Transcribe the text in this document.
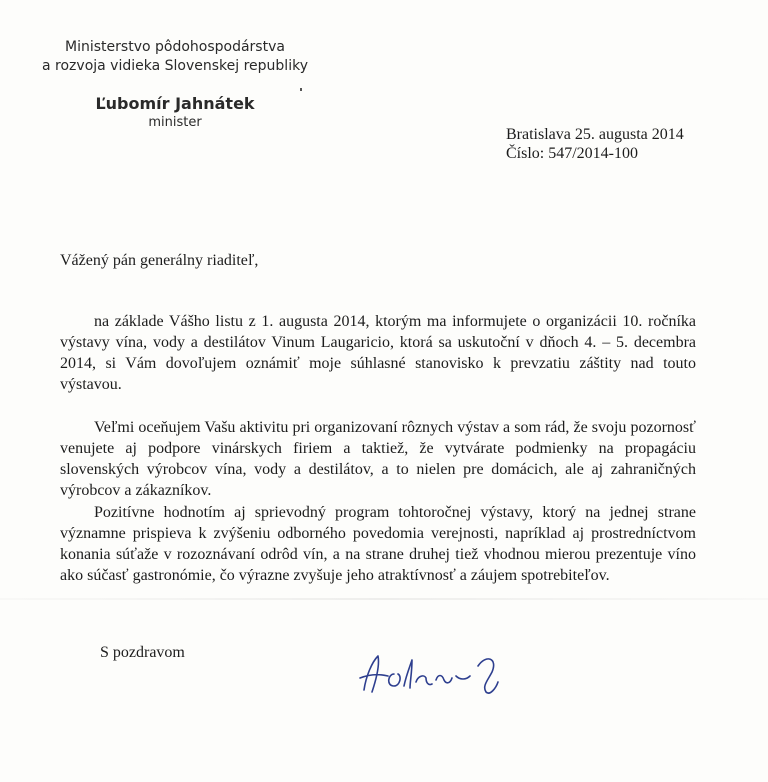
Ministerstvo pôdohospodárstva
a rozvoja vidieka Slovenskej republiky
Ľubomír Jahnátek
minister
Bratislava 25. augusta 2014
Číslo: 547/2014-100
Vážený pán generálny riaditeľ,
na základe Vášho listu z 1. augusta 2014, ktorým ma informujete o organizácii 10. ročníka výstavy vína, vody a destilátov Vinum Laugaricio, ktorá sa uskutoční v dňoch 4. – 5. decembra 2014, si Vám dovoľujem oznámiť moje súhlasné stanovisko k prevzatiu záštity nad touto výstavou.
Veľmi oceňujem Vašu aktivitu pri organizovaní rôznych výstav a som rád, že svoju pozornosť venujete aj podpore vinárskych firiem a taktiež, že vytvárate podmienky na propagáciu slovenských výrobcov vína, vody a destilátov, a to nielen pre domácich, ale aj zahraničných výrobcov a zákazníkov.
Pozitívne hodnotím aj sprievodný program tohtoročnej výstavy, ktorý na jednej strane významne prispieva k zvýšeniu odborného povedomia verejnosti, napríklad aj prostredníctvom konania súťaže v rozoznávaní odrôd vín, a na strane druhej tiež vhodnou mierou prezentuje víno ako súčasť gastronómie, čo výrazne zvyšuje jeho atraktívnosť a záujem spotrebiteľov.
S pozdravom
